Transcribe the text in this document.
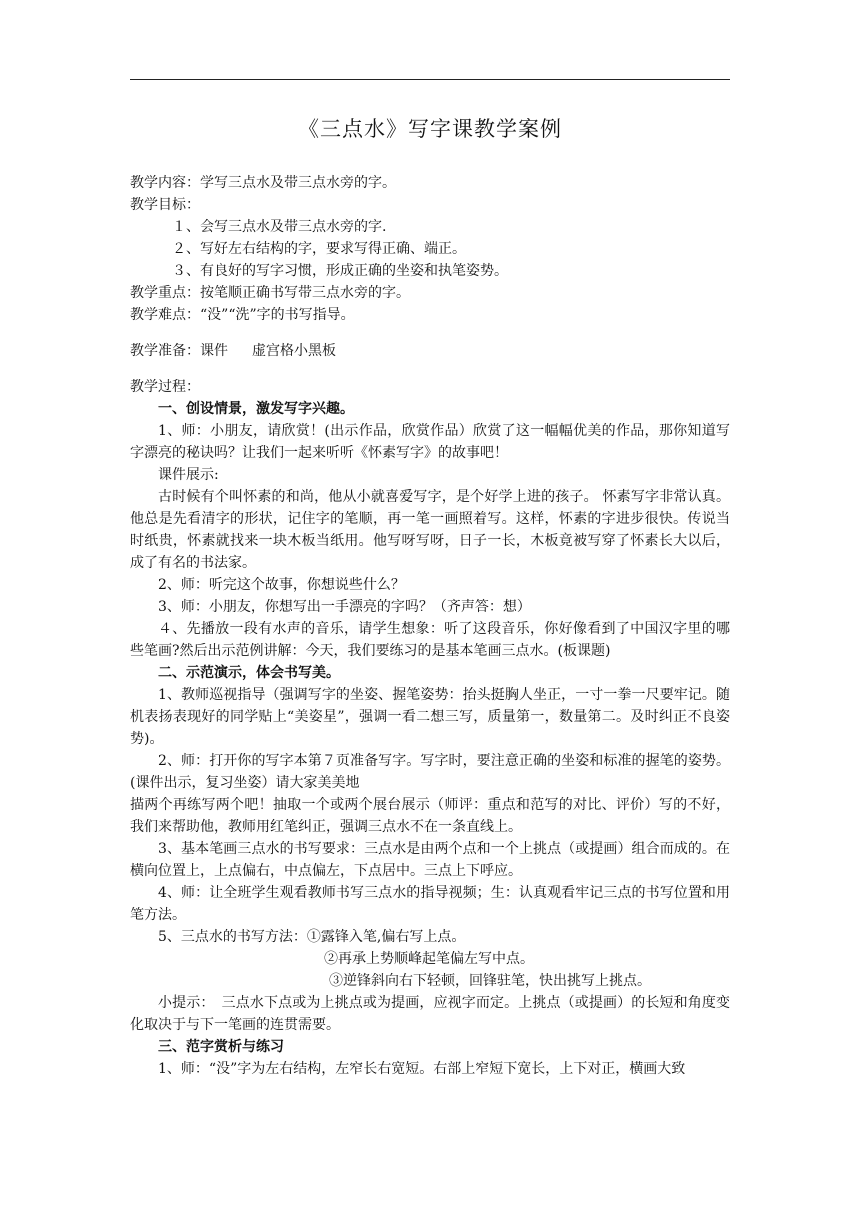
《三点水》写字课教学案例

教学内容：学写三点水及带三点水旁的字。

教学目标：

１、会写三点水及带三点水旁的字.

２、写好左右结构的字，要求写得正确、端正。

３、有良好的写字习惯，形成正确的坐姿和执笔姿势。

教学重点：按笔顺正确书写带三点水旁的字。

教学难点：“没”“洗”字的书写指导。

教学准备：课件 虚宫格小黑板

教学过程：

一、创设情景，激发写字兴趣。

1、师：小朋友，请欣赏！(出示作品，欣赏作品）欣赏了这一幅幅优美的作品，那你知道写字漂亮的秘诀吗？让我们一起来听听《怀素写字》的故事吧！

课件展示:

古时候有个叫怀素的和尚，他从小就喜爱写字，是个好学上进的孩子。 怀素写字非常认真。他总是先看清字的形状，记住字的笔顺，再一笔一画照着写。这样，怀素的字进步很快。传说当时纸贵，怀素就找来一块木板当纸用。他写呀写呀，日子一长，木板竟被写穿了怀素长大以后，成了有名的书法家。

2、师：听完这个故事，你想说些什么？

3、师：小朋友，你想写出一手漂亮的字吗？（齐声答：想）

４、先播放一段有水声的音乐，请学生想象：听了这段音乐，你好像看到了中国汉字里的哪些笔画?然后出示范例讲解：今天，我们要练习的是基本笔画三点水。(板课题)

二、示范演示，体会书写美。

1、教师巡视指导（强调写字的坐姿、握笔姿势：抬头挺胸人坐正，一寸一拳一尺要牢记。随机表扬表现好的同学贴上“美姿星”，强调一看二想三写，质量第一，数量第二。及时纠正不良姿势)。

2、师：打开你的写字本第７页准备写字。写字时，要注意正确的坐姿和标准的握笔的姿势。(课件出示，复习坐姿）请大家美美地

描两个再练写两个吧！抽取一个或两个展台展示（师评：重点和范写的对比、评价）写的不好，我们来帮助他，教师用红笔纠正，强调三点水不在一条直线上。

3、基本笔画三点水的书写要求：三点水是由两个点和一个上挑点（或提画）组合而成的。在横向位置上，上点偏右，中点偏左，下点居中。三点上下呼应。

4、师：让全班学生观看教师书写三点水的指导视频；生：认真观看牢记三点的书写位置和用笔方法。

5、三点水的书写方法：①露锋入笔,偏右写上点。

②再承上势顺峰起笔偏左写中点。

③逆锋斜向右下轻顿，回锋驻笔，快出挑写上挑点。

小提示：　三点水下点或为上挑点或为提画，应视字而定。上挑点（或提画）的长短和角度变化取决于与下一笔画的连贯需要。

三、范字赏析与练习

1、师：“没”字为左右结构，左窄长右宽短。右部上窄短下宽长，上下对正，横画大致
